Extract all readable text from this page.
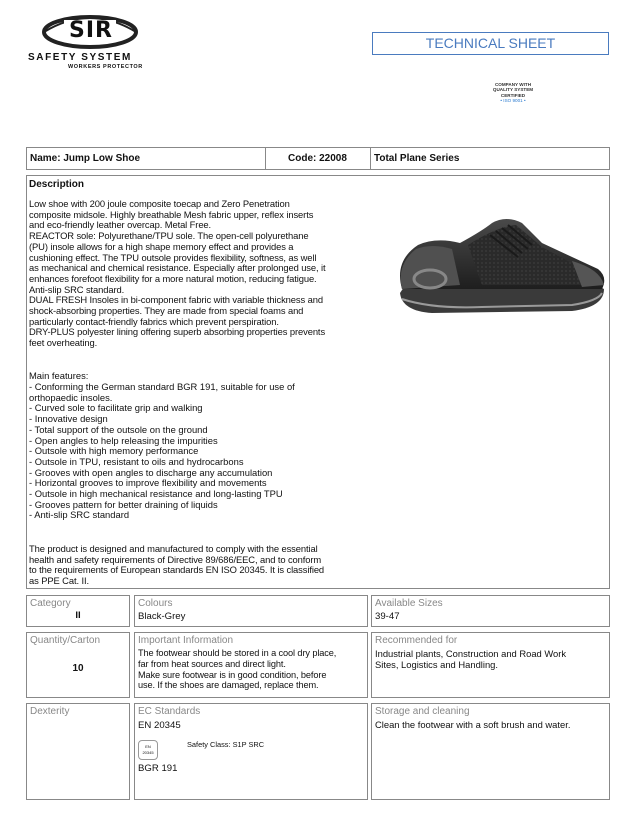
SIR
SAFETY SYSTEM
WORKERS PROTECTOR
TECHNICAL SHEET
COMPANY WITH QUALITY SYSTEM CERTIFIED
• ISO 9001 •
Name: Jump Low Shoe	Code: 22008	Total Plane Series
Description
Low shoe with 200 joule composite toecap and Zero Penetration
composite midsole. Highly breathable Mesh fabric upper, reflex inserts
and eco-friendly leather overcap. Metal Free.
REACTOR sole: Polyurethane/TPU sole. The open-cell polyurethane
(PU) insole allows for a high shape memory effect and provides a
cushioning effect. The TPU outsole provides flexibility, softness, as well
as mechanical and chemical resistance. Especially after prolonged use, it
enhances forefoot flexibility for a more natural motion, reducing fatigue.
Anti-slip SRC standard.
DUAL FRESH Insoles in bi-component fabric with variable thickness and
shock-absorbing properties. They are made from special foams and
particularly contact-friendly fabrics which prevent perspiration.
DRY-PLUS polyester lining offering superb absorbing properties prevents
feet overheating.
Main features:
- Conforming the German standard BGR 191, suitable for use of
orthopaedic insoles.
- Curved sole to facilitate grip and walking
- Innovative design
- Total support of the outsole on the ground
- Open angles to help releasing the impurities
- Outsole with high memory performance
- Outsole in TPU, resistant to oils and hydrocarbons
- Grooves with open angles to discharge any accumulation
- Horizontal grooves to improve flexibility and movements
- Outsole in high mechanical resistance and long-lasting TPU
- Grooves pattern for better draining of liquids
- Anti-slip SRC standard
The product is designed and manufactured to comply with the essential
health and safety requirements of Directive 89/686/EEC, and to conform
to the requirements of European standards EN ISO 20345. It is classified
as PPE Cat. II.
Category
II
Colours
Black-Grey
Available Sizes
39-47
Quantity/Carton
10
Important Information
The footwear should be stored in a cool dry place,
far from heat sources and direct light.
Make sure footwear is in good condition, before
use. If the shoes are damaged, replace them.
Recommended for
Industrial plants, Construction and Road Work
Sites, Logistics and Handling.
Dexterity	EC Standards
EN 20345
EN
20345
Safety Class: S1P SRC
BGR 191
Storage and cleaning
Clean the footwear with a soft brush and water.
